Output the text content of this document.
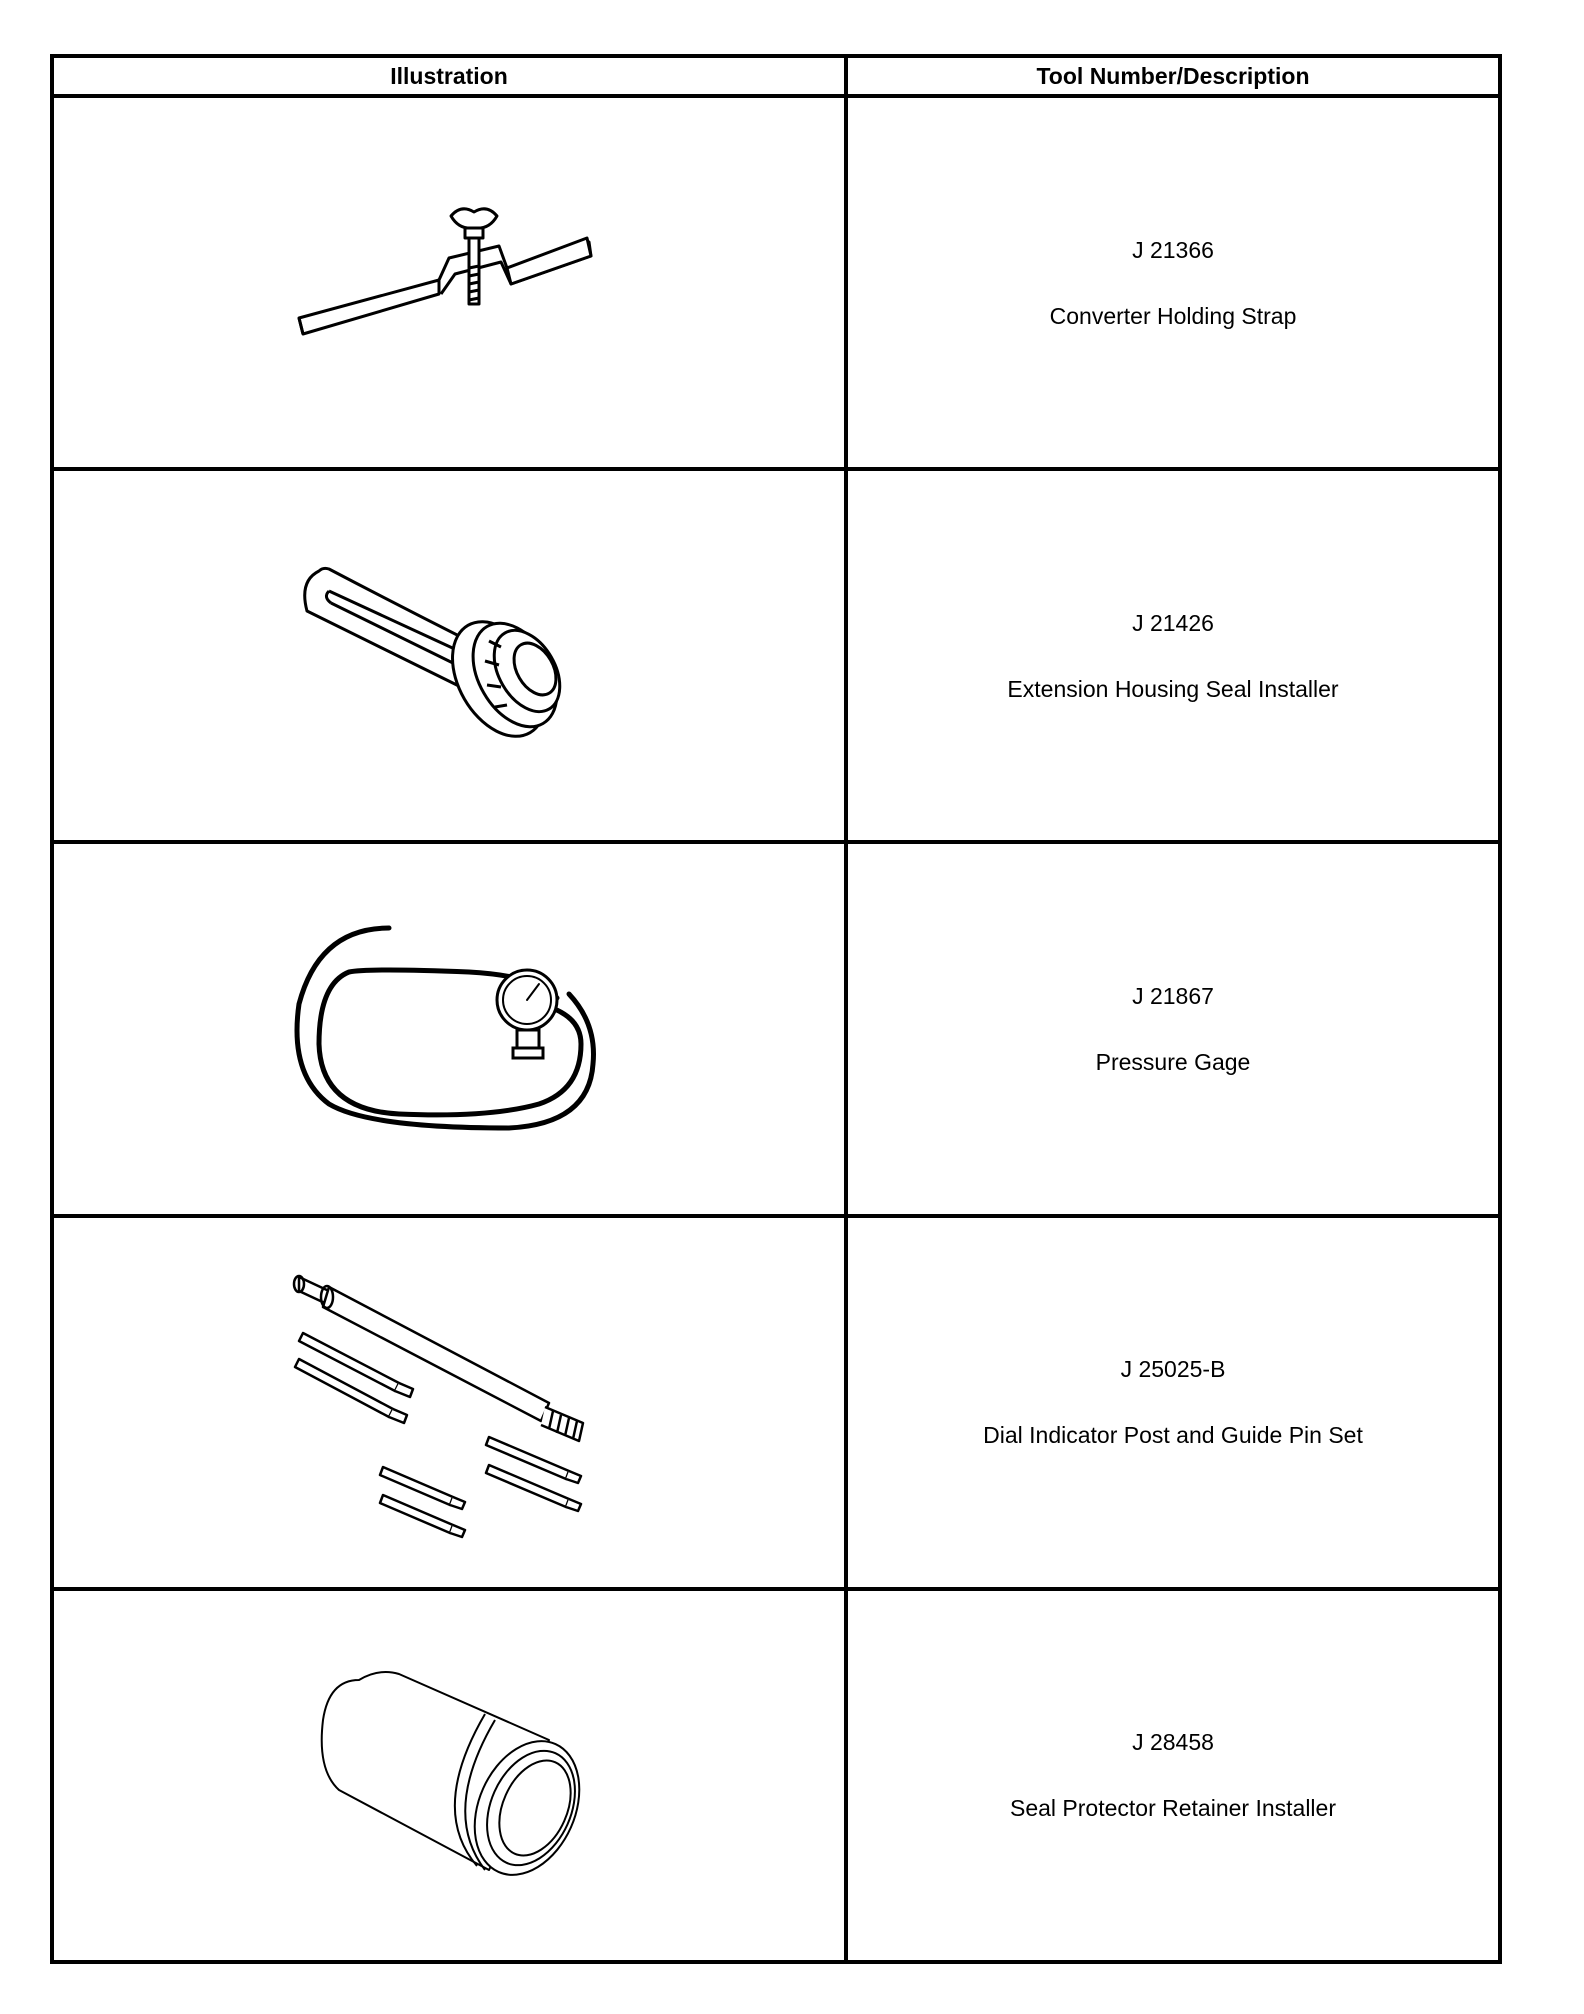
Illustration	Tool Number/Description

J 21366
Converter Holding Strap

J 21426
Extension Housing Seal Installer

J 21867
Pressure Gage

J 25025-B
Dial Indicator Post and Guide Pin Set

J 28458
Seal Protector Retainer Installer
